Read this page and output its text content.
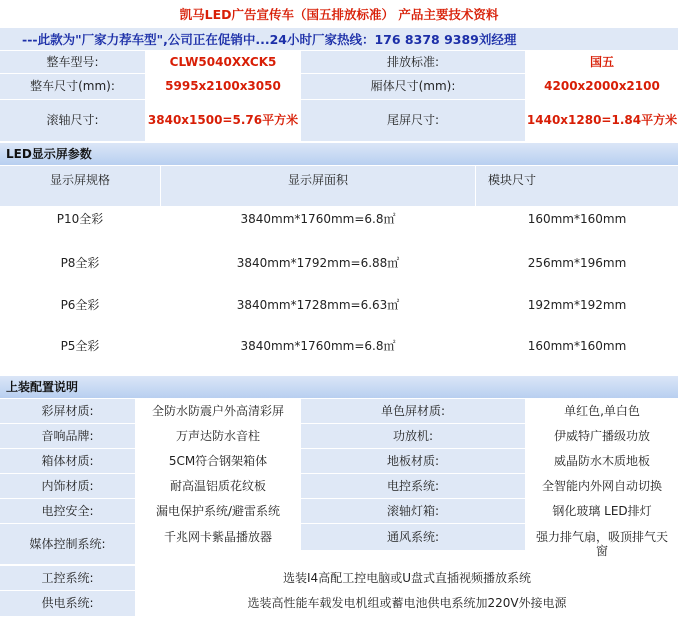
凯马LED广告宣传车（国五排放标准） 产品主要技术资料
---此款为"厂家力荐车型",公司正在促销中...24小时厂家热线：176 8378 9389刘经理
整车型号:	CLW5040XXCK5	排放标准:	国五
整车尺寸(mm):	5995x2100x3050	厢体尺寸(mm):	4200x2000x2100
滚轴尺寸:	3840x1500=5.76平方米	尾屏尺寸:	1440x1280=1.84平方米
LED显示屏参数
显示屏规格	显示屏面积	模块尺寸
P10全彩	3840mm*1760mm=6.8㎡	160mm*160mm
P8全彩	3840mm*1792mm=6.88㎡	256mm*196mm
P6全彩	3840mm*1728mm=6.63㎡	192mm*192mm
P5全彩	3840mm*1760mm=6.8㎡	160mm*160mm
上装配置说明
彩屏材质:	全防水防震户外高清彩屏	单色屏材质:	单红色,单白色
音响品牌:	万声达防水音柱	功放机:	伊威特广播级功放
箱体材质:	5CM符合钢架箱体	地板材质:	威晶防水木质地板
内饰材质:	耐高温铝质花纹板	电控系统:	全智能内外网自动切换
电控安全:	漏电保护系统/避雷系统	滚轴灯箱:	钢化玻璃 LED排灯
媒体控制系统:	千兆网卡紫晶播放器	通风系统:	强力排气扇，吸顶排气天窗
工控系统:	选装I4高配工控电脑或U盘式直插视频播放系统
供电系统:	选装高性能车载发电机组或蓄电池供电系统加220V外接电源
